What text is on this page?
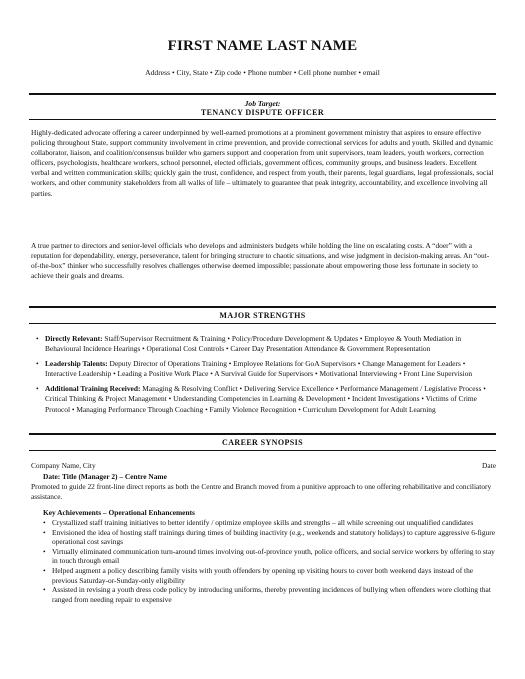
FIRST NAME LAST NAME
Address • City, State • Zip code • Phone number • Cell phone number • email
Job Target:
TENANCY DISPUTE OFFICER
Highly-dedicated advocate offering a career underpinned by well-earned promotions at a prominent government ministry that aspires to ensure effective policing throughout State, support community involvement in crime prevention, and provide correctional services for adults and youth. Skilled and dynamic collaborator, liaison, and coalition/consensus builder who garners support and cooperation from unit supervisors, team leaders, youth workers, correction officers, psychologists, healthcare workers, school personnel, elected officials, government offices, community groups, and business leaders. Excellent verbal and written communication skills; quickly gain the trust, confidence, and respect from youth, their parents, legal guardians, legal professionals, social workers, and other community stakeholders from all walks of life – ultimately to guarantee that peak integrity, accountability, and excellence involving all parties.
A true partner to directors and senior-level officials who develops and administers budgets while holding the line on escalating costs. A “doer” with a reputation for dependability, energy, perseverance, talent for bringing structure to chaotic situations, and wise judgment in decision-making areas. An “out-of-the-box” thinker who successfully resolves challenges otherwise deemed impossible; passionate about empowering those less fortunate in society to achieve their goals and dreams.
MAJOR STRENGTHS
• Directly Relevant: Staff/Supervisor Recruitment & Training • Policy/Procedure Development & Updates • Employee & Youth Mediation in Behavioural Incidence Hearings • Operational Cost Controls • Career Day Presentation Attendance & Government Representation
• Leadership Talents: Deputy Director of Operations Training • Employee Relations for GoA Supervisors • Change Management for Leaders • Interactive Leadership • Leading a Positive Work Place • A Survival Guide for Supervisors • Motivational Interviewing • Front Line Supervision
• Additional Training Received: Managing & Resolving Conflict • Delivering Service Excellence • Performance Management / Legislative Process • Critical Thinking & Project Management • Understanding Competencies in Learning & Development • Incident Investigations • Victims of Crime Protocol • Managing Performance Through Coaching • Family Violence Recognition • Curriculum Development for Adult Learning
CAREER SYNOPSIS
Company Name, City	Date
Date: Title (Manager 2) – Centre Name
Promoted to guide 22 front-line direct reports as both the Centre and Branch moved from a punitive approach to one offering rehabilitative and conciliatory assistance.
Key Achievements – Operational Enhancements
• Crystallized staff training initiatives to better identify / optimize employee skills and strengths – all while screening out unqualified candidates
• Envisioned the idea of hosting staff trainings during times of building inactivity (e.g., weekends and statutory holidays) to capture aggressive 6-figure operational cost savings
• Virtually eliminated communication turn-around times involving out-of-province youth, police officers, and social service workers by offering to stay in touch through email
• Helped augment a policy describing family visits with youth offenders by opening up visiting hours to cover both weekend days instead of the previous Saturday-or-Sunday-only eligibility
• Assisted in revising a youth dress code policy by introducing uniforms, thereby preventing incidences of bullying when offenders wore clothing that ranged from needing repair to expensive
